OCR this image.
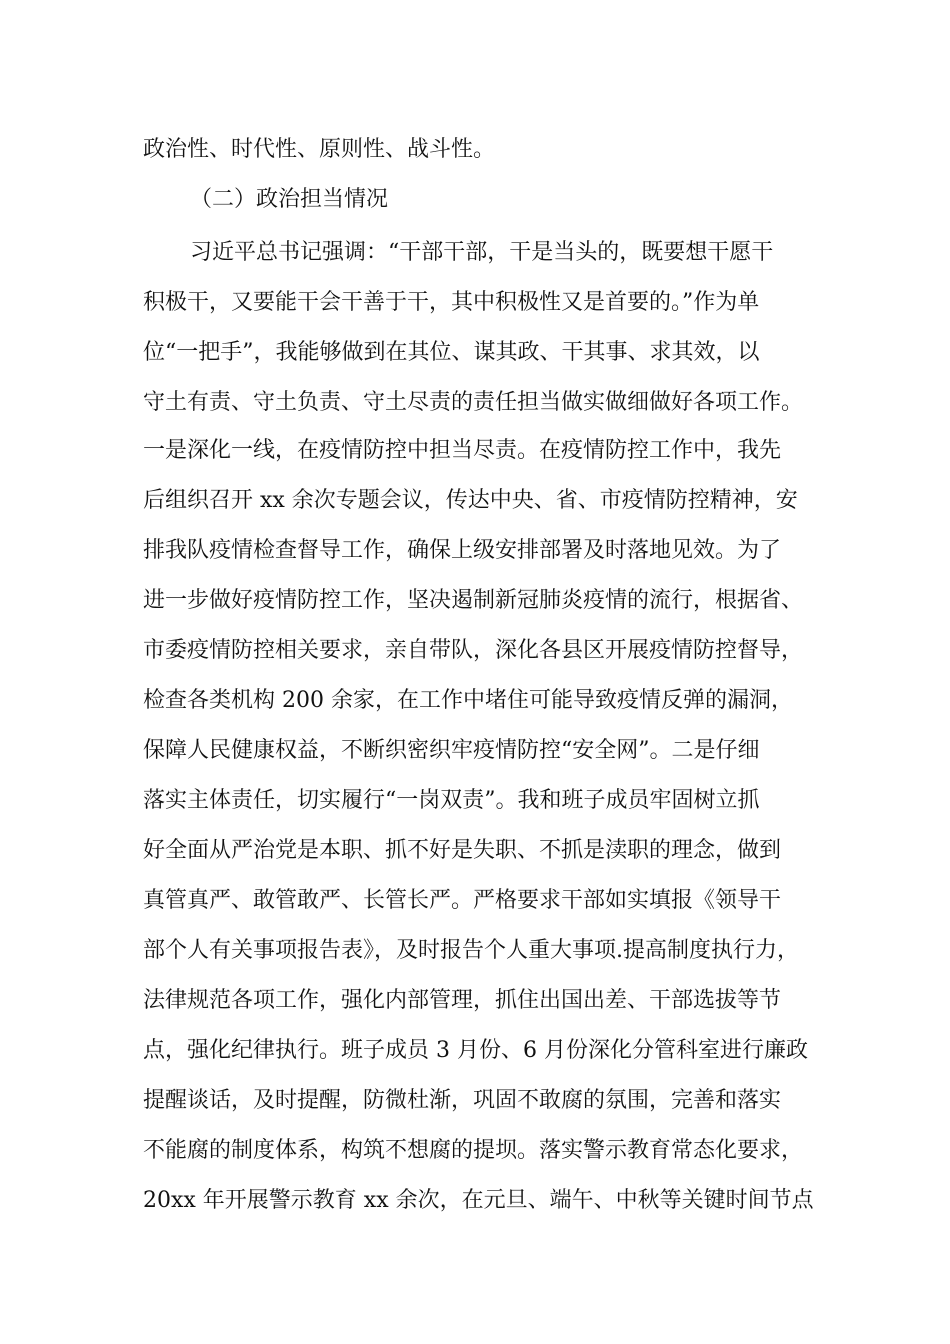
政治性、时代性、原则性、战斗性。
（二）政治担当情况
习近平总书记强调：“干部干部，干是当头的，既要想干愿干
积极干，又要能干会干善于干，其中积极性又是首要的。”作为单
位“一把手”，我能够做到在其位、谋其政、干其事、求其效，以
守土有责、守土负责、守土尽责的责任担当做实做细做好各项工作。
一是深化一线，在疫情防控中担当尽责。在疫情防控工作中，我先
后组织召开 xx 余次专题会议，传达中央、省、市疫情防控精神，安
排我队疫情检查督导工作，确保上级安排部署及时落地见效。为了
进一步做好疫情防控工作，坚决遏制新冠肺炎疫情的流行，根据省、
市委疫情防控相关要求，亲自带队，深化各县区开展疫情防控督导，
检查各类机构 200 余家，在工作中堵住可能导致疫情反弹的漏洞，
保障人民健康权益，不断织密织牢疫情防控“安全网”。二是仔细
落实主体责任，切实履行“一岗双责”。我和班子成员牢固树立抓
好全面从严治党是本职、抓不好是失职、不抓是渎职的理念，做到
真管真严、敢管敢严、长管长严。严格要求干部如实填报《领导干
部个人有关事项报告表》，及时报告个人重大事项.提高制度执行力，
法律规范各项工作，强化内部管理，抓住出国出差、干部选拔等节
点，强化纪律执行。班子成员 3 月份、6 月份深化分管科室进行廉政
提醒谈话，及时提醒，防微杜渐，巩固不敢腐的氛围，完善和落实
不能腐的制度体系，构筑不想腐的提坝。落实警示教育常态化要求，
20xx 年开展警示教育 xx 余次，在元旦、端午、中秋等关键时间节点
